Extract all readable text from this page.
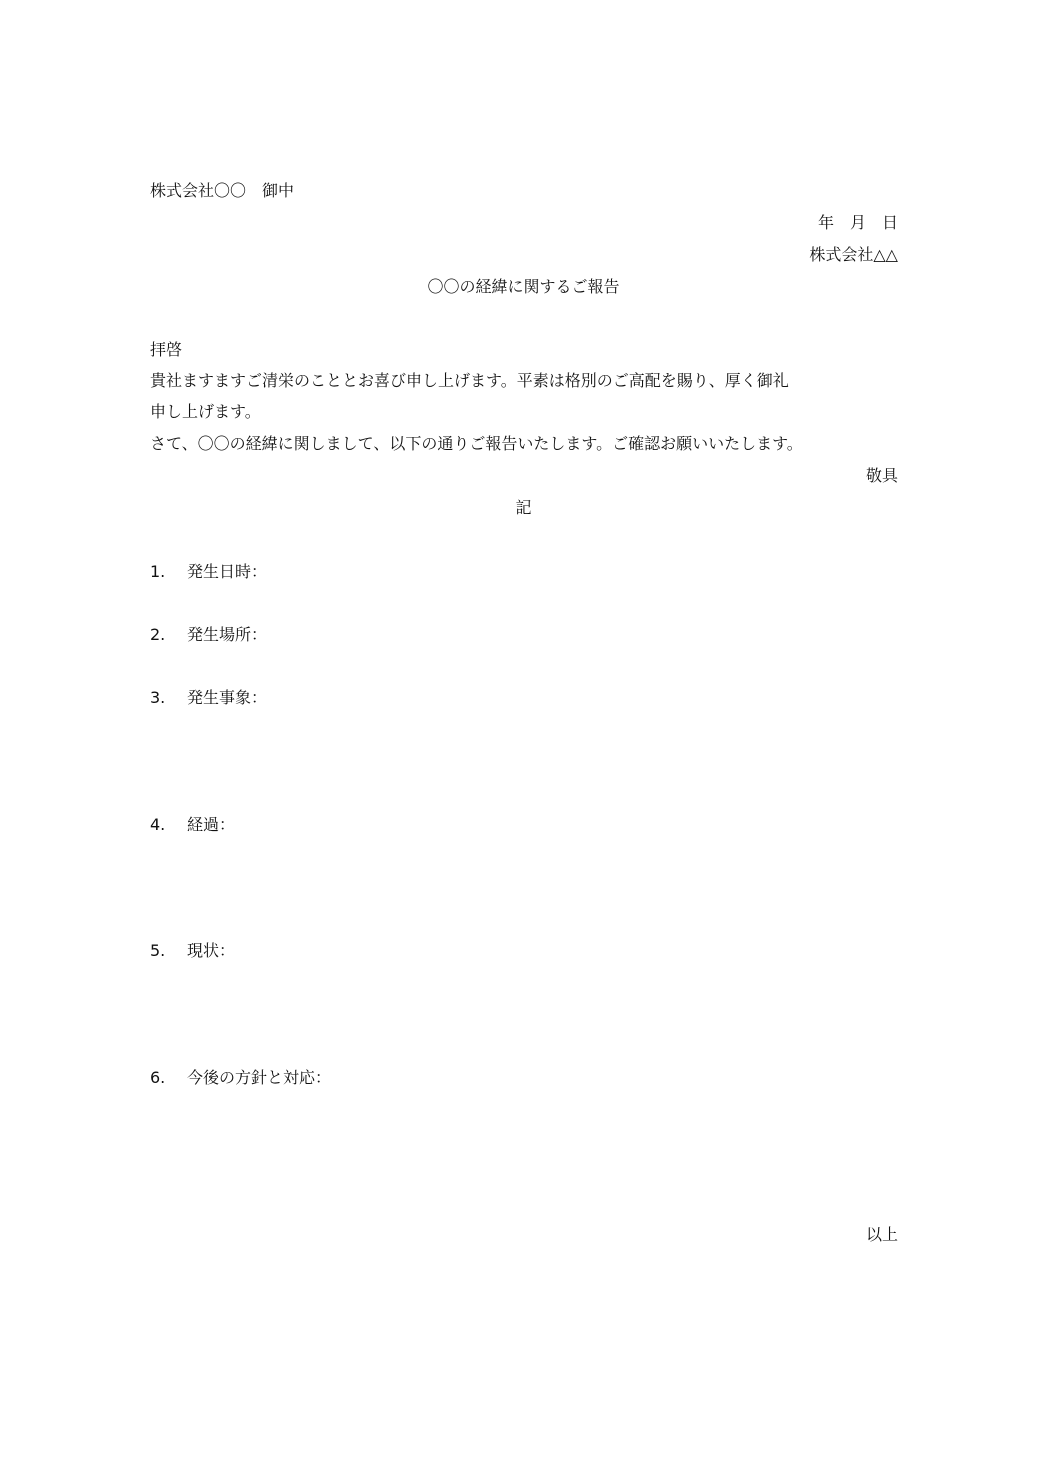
株式会社〇〇　御中
年　月　日
株式会社△△
〇〇の経緯に関するご報告
拝啓
貴社ますますご清栄のこととお喜び申し上げます。平素は格別のご高配を賜り、厚く御礼
申し上げます。
さて、〇〇の経緯に関しまして、以下の通りご報告いたします。ご確認お願いいたします。
敬具
記
1. 発生日時：
2. 発生場所：
3. 発生事象：
4. 経過：
5. 現状：
6. 今後の方針と対応：
以上
